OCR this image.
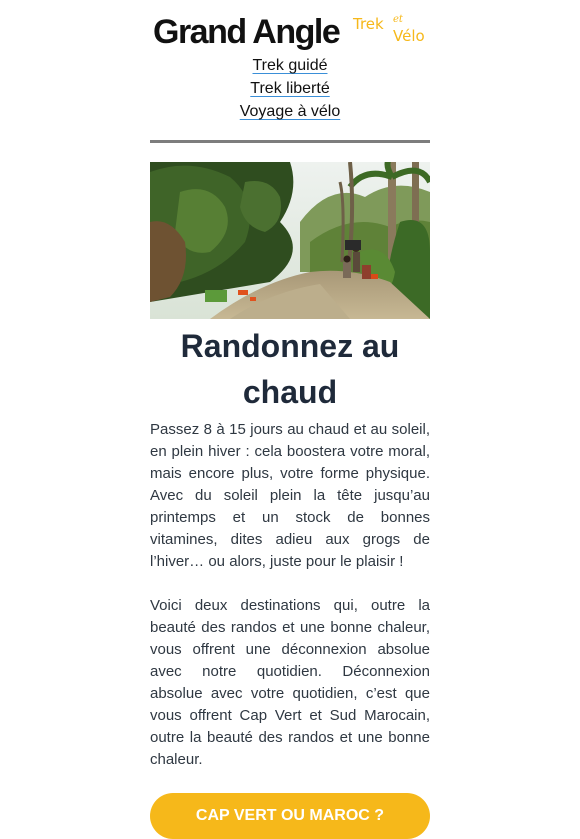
Grand Angle Trek et
Vélo
Trek guidé
Trek liberté
Voyage à vélo
Randonnez au chaud

Passez 8 à 15 jours au chaud et au soleil, en plein hiver : cela boostera votre moral, mais encore plus, votre forme physique. Avec du soleil plein la tête jusqu’au printemps et un stock de bonnes vitamines, dites adieu aux grogs de l’hiver… ou alors, juste pour le plaisir !

Voici deux destinations qui, outre la beauté des randos et une bonne chaleur, vous offrent une déconnexion absolue avec notre quotidien. Déconnexion absolue avec votre quotidien, c’est que vous offrent Cap Vert et Sud Marocain, outre la beauté des randos et une bonne chaleur.

CAP VERT OU MAROC ?
